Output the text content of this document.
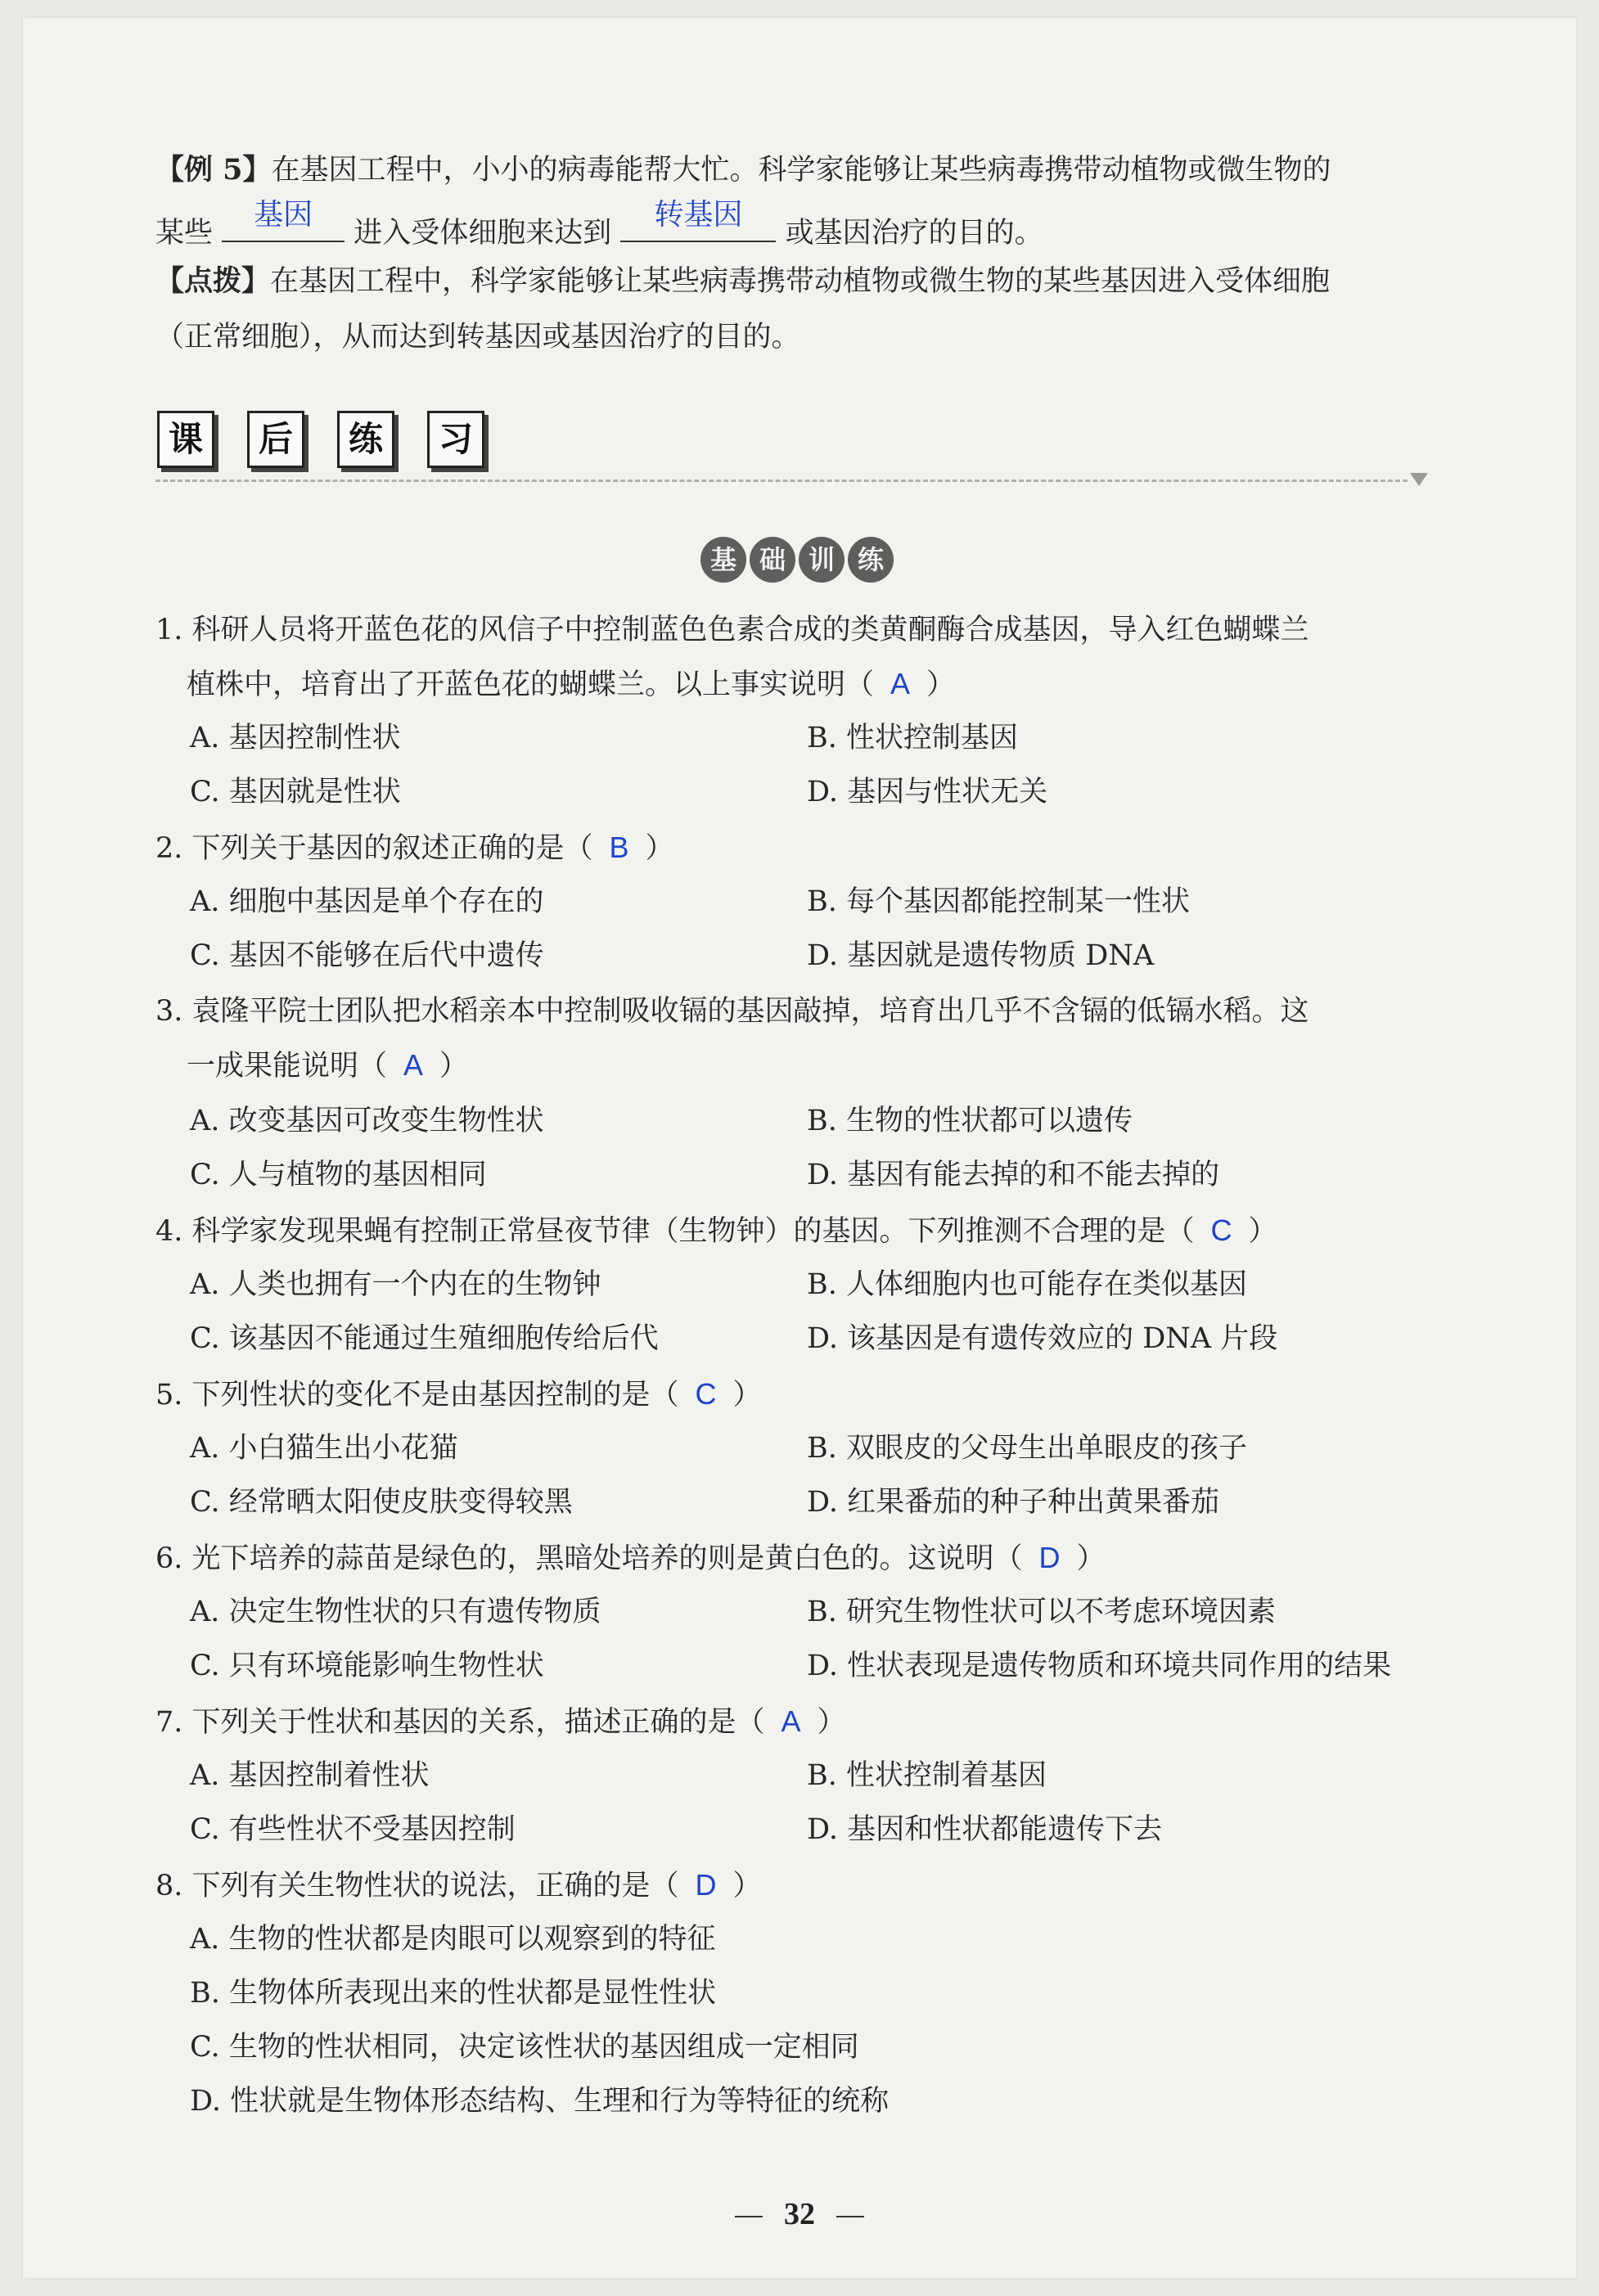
【例 5】在基因工程中，小小的病毒能帮大忙。科学家能够让某些病毒携带动植物或微生物的
某些
基因
进入受体细胞来达到
转基因
或基因治疗的目的。
【点拨】在基因工程中，科学家能够让某些病毒携带动植物或微生物的某些基因进入受体细胞
（正常细胞），从而达到转基因或基因治疗的目的。
课	后	练	习
基 础 训 练
1. 科研人员将开蓝色花的风信子中控制蓝色色素合成的类黄酮酶合成基因，导入红色蝴蝶兰
植株中，培育出了开蓝色花的蝴蝶兰。以上事实说明（ A ）
A. 基因控制性状	B. 性状控制基因
C. 基因就是性状	D. 基因与性状无关
2. 下列关于基因的叙述正确的是（ B ）
A. 细胞中基因是单个存在的	B. 每个基因都能控制某一性状
C. 基因不能够在后代中遗传	D. 基因就是遗传物质 DNA
3. 袁隆平院士团队把水稻亲本中控制吸收镉的基因敲掉，培育出几乎不含镉的低镉水稻。这
一成果能说明（ A ）
A. 改变基因可改变生物性状	B. 生物的性状都可以遗传
C. 人与植物的基因相同	D. 基因有能去掉的和不能去掉的
4. 科学家发现果蝇有控制正常昼夜节律（生物钟）的基因。下列推测不合理的是（ C ）
A. 人类也拥有一个内在的生物钟	B. 人体细胞内也可能存在类似基因
C. 该基因不能通过生殖细胞传给后代	D. 该基因是有遗传效应的 DNA 片段
5. 下列性状的变化不是由基因控制的是（ C ）
A. 小白猫生出小花猫	B. 双眼皮的父母生出单眼皮的孩子
C. 经常晒太阳使皮肤变得较黑	D. 红果番茄的种子种出黄果番茄
6. 光下培养的蒜苗是绿色的，黑暗处培养的则是黄白色的。这说明（ D ）
A. 决定生物性状的只有遗传物质	B. 研究生物性状可以不考虑环境因素
C. 只有环境能影响生物性状	D. 性状表现是遗传物质和环境共同作用的结果
7. 下列关于性状和基因的关系，描述正确的是（ A ）
A. 基因控制着性状	B. 性状控制着基因
C. 有些性状不受基因控制	D. 基因和性状都能遗传下去
8. 下列有关生物性状的说法，正确的是（ D ）
A. 生物的性状都是肉眼可以观察到的特征
B. 生物体所表现出来的性状都是显性性状
C. 生物的性状相同，决定该性状的基因组成一定相同
D. 性状就是生物体形态结构、生理和行为等特征的统称
32
